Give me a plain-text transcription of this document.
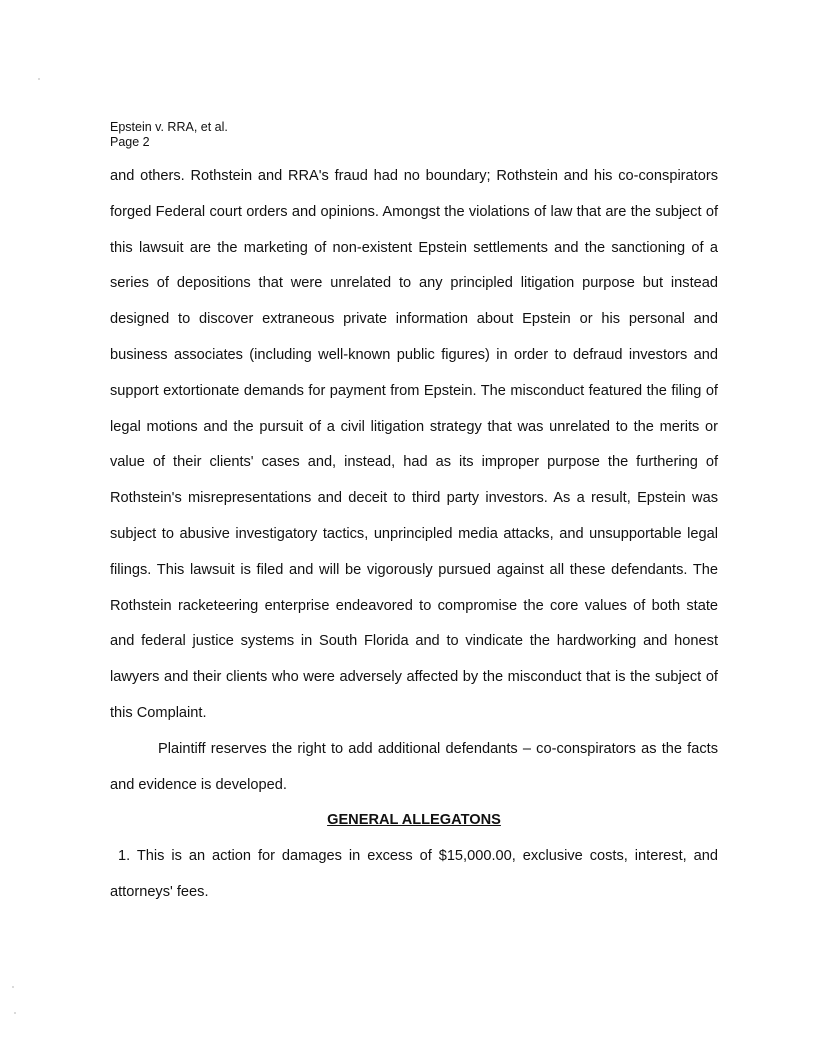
Epstein v. RRA, et al.
Page 2

and others. Rothstein and RRA's fraud had no boundary; Rothstein and his co-conspirators forged Federal court orders and opinions. Amongst the violations of law that are the subject of this lawsuit are the marketing of non-existent Epstein settlements and the sanctioning of a series of depositions that were unrelated to any principled litigation purpose but instead designed to discover extraneous private information about Epstein or his personal and business associates (including well-known public figures) in order to defraud investors and support extortionate demands for payment from Epstein. The misconduct featured the filing of legal motions and the pursuit of a civil litigation strategy that was unrelated to the merits or value of their clients' cases and, instead, had as its improper purpose the furthering of Rothstein's misrepresentations and deceit to third party investors. As a result, Epstein was subject to abusive investigatory tactics, unprincipled media attacks, and unsupportable legal filings. This lawsuit is filed and will be vigorously pursued against all these defendants. The Rothstein racketeering enterprise endeavored to compromise the core values of both state and federal justice systems in South Florida and to vindicate the hardworking and honest lawyers and their clients who were adversely affected by the misconduct that is the subject of this Complaint.

Plaintiff reserves the right to add additional defendants – co-conspirators as the facts and evidence is developed.

GENERAL ALLEGATONS

1. This is an action for damages in excess of $15,000.00, exclusive costs, interest, and attorneys' fees.
